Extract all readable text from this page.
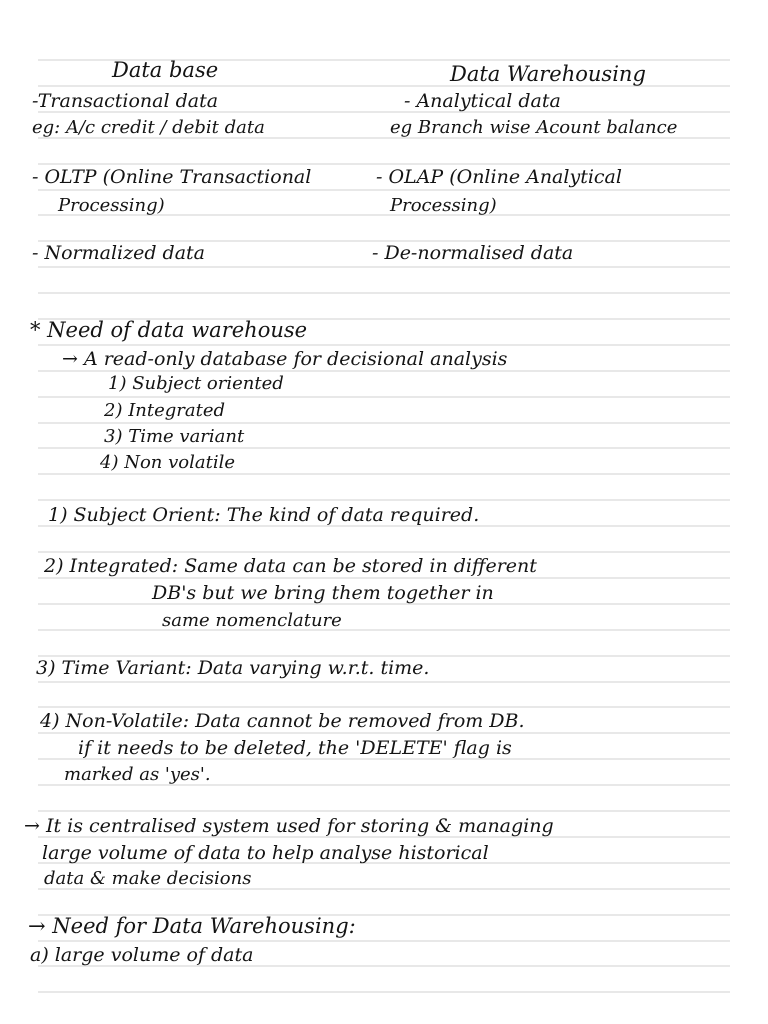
Data base	Data Warehousing
-Transactional data	- Analytical data
eg: A/c credit / debit data	eg Branch wise Acount balance
- OLTP (Online Transactional	- OLAP (Online Analytical
Processing)	Processing)
- Normalized data	- De-normalised data
* Need of data warehouse
→ A read-only database for decisional analysis
1) Subject oriented
2) Integrated
3) Time variant
4) Non volatile
1) Subject Orient: The kind of data required.
2) Integrated: Same data can be stored in different
DB's but we bring them together in
same nomenclature
3) Time Variant: Data varying w.r.t. time.
4) Non-Volatile: Data cannot be removed from DB.
if it needs to be deleted, the 'DELETE' flag is
marked as 'yes'.
→ It is centralised system used for storing & managing
large volume of data to help analyse historical
data & make decisions
→ Need for Data Warehousing:
a) large volume of data
